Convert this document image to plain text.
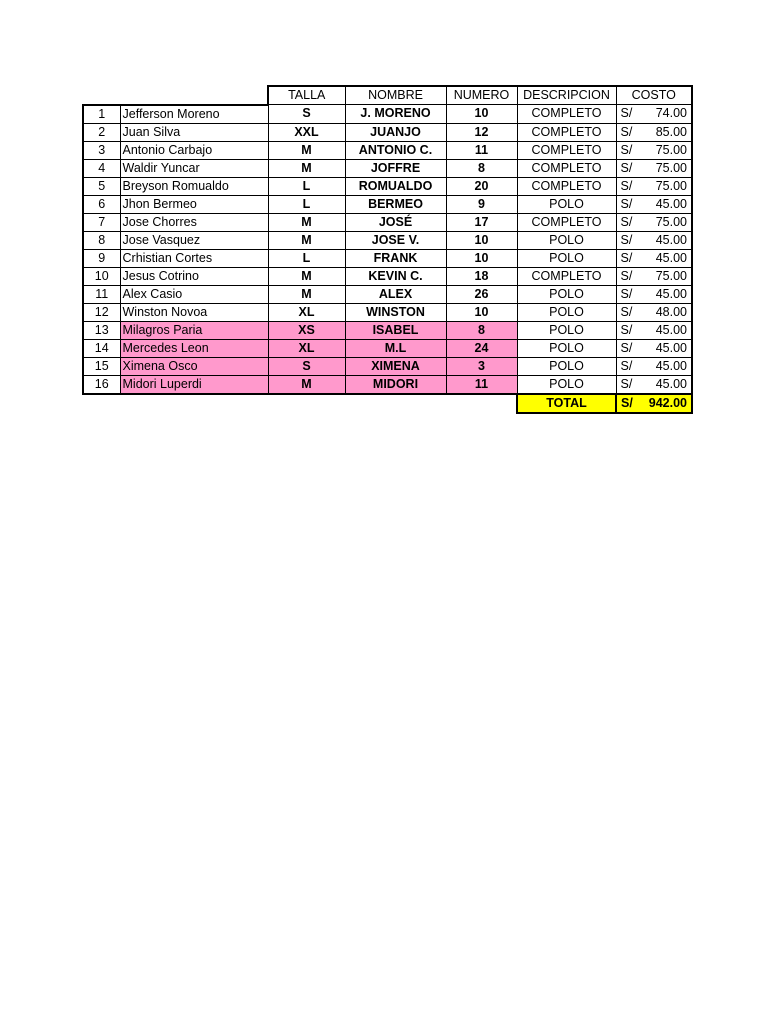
		TALLA	NOMBRE	NUMERO	DESCRIPCION	COSTO
1	Jefferson Moreno	S	J. MORENO	10	COMPLETO	S/ 74.00

2	Juan Silva	XXL	JUANJO	12	COMPLETO	S/ 85.00

3	Antonio Carbajo	M	ANTONIO C.	11	COMPLETO	S/ 75.00

4	Waldir Yuncar	M	JOFFRE	8	COMPLETO	S/ 75.00

5	Breyson Romualdo	L	ROMUALDO	20	COMPLETO	S/ 75.00

6	Jhon Bermeo	L	BERMEO	9	POLO	S/ 45.00

7	Jose Chorres	M	JOSÉ	17	COMPLETO	S/ 75.00

8	Jose Vasquez	M	JOSE V.	10	POLO	S/ 45.00

9	Crhistian Cortes	L	FRANK	10	POLO	S/ 45.00

10	Jesus Cotrino	M	KEVIN C.	18	COMPLETO	S/ 75.00

11	Alex Casio	M	ALEX	26	POLO	S/ 45.00

12	Winston Novoa	XL	WINSTON	10	POLO	S/ 48.00

13	Milagros Paria	XS	ISABEL	8	POLO	S/ 45.00

14	Mercedes Leon	XL	M.L	24	POLO	S/ 45.00

15	Ximena Osco	S	XIMENA	3	POLO	S/ 45.00

16	Midori Luperdi	M	MIDORI	11	POLO	S/ 45.00

					TOTAL	S/ 942.00
